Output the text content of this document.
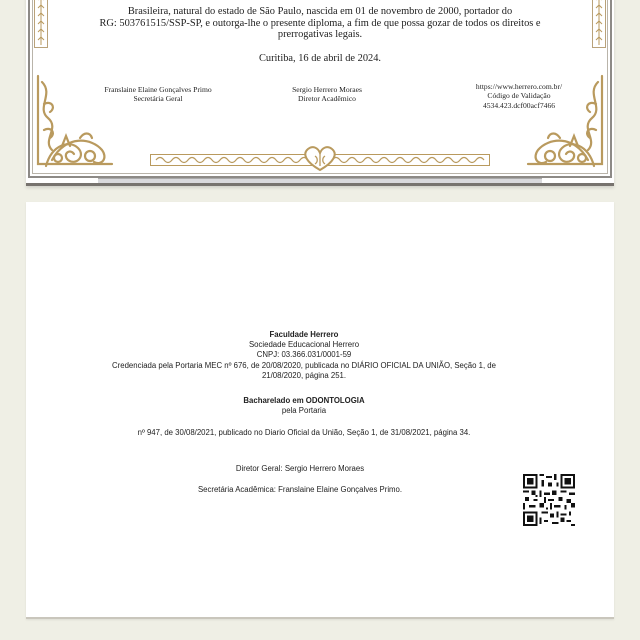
Brasileira, natural do estado de São Paulo, nascida em 01 de novembro de 2000, portador do
RG: 503761515/SSP-SP, e outorga-lhe o presente diploma, a fim de que possa gozar de todos os direitos e
prerrogativas legais.
Curitiba, 16 de abril de 2024.
Franslaine Elaine Gonçalves Primo
Secretária Geral
Sergio Herrero Moraes
Diretor Acadêmico
https://www.herrero.com.br/
Código de Validação
4534.423.dcf00acf7466
Faculdade Herrero
Sociedade Educacional Herrero
CNPJ: 03.366.031/0001-59
Credenciada pela Portaria MEC nº 676, de 20/08/2020, publicada no DIÁRIO OFICIAL DA UNIÃO, Seção 1, de
21/08/2020, página 251.
Bacharelado em ODONTOLOGIA
pela Portaria
nº 947, de 30/08/2021, publicado no Diario Oficial da União, Seção 1, de 31/08/2021, página 34.
Diretor Geral: Sergio Herrero Moraes
Secretária Acadêmica: Franslaine Elaine Gonçalves Primo.
